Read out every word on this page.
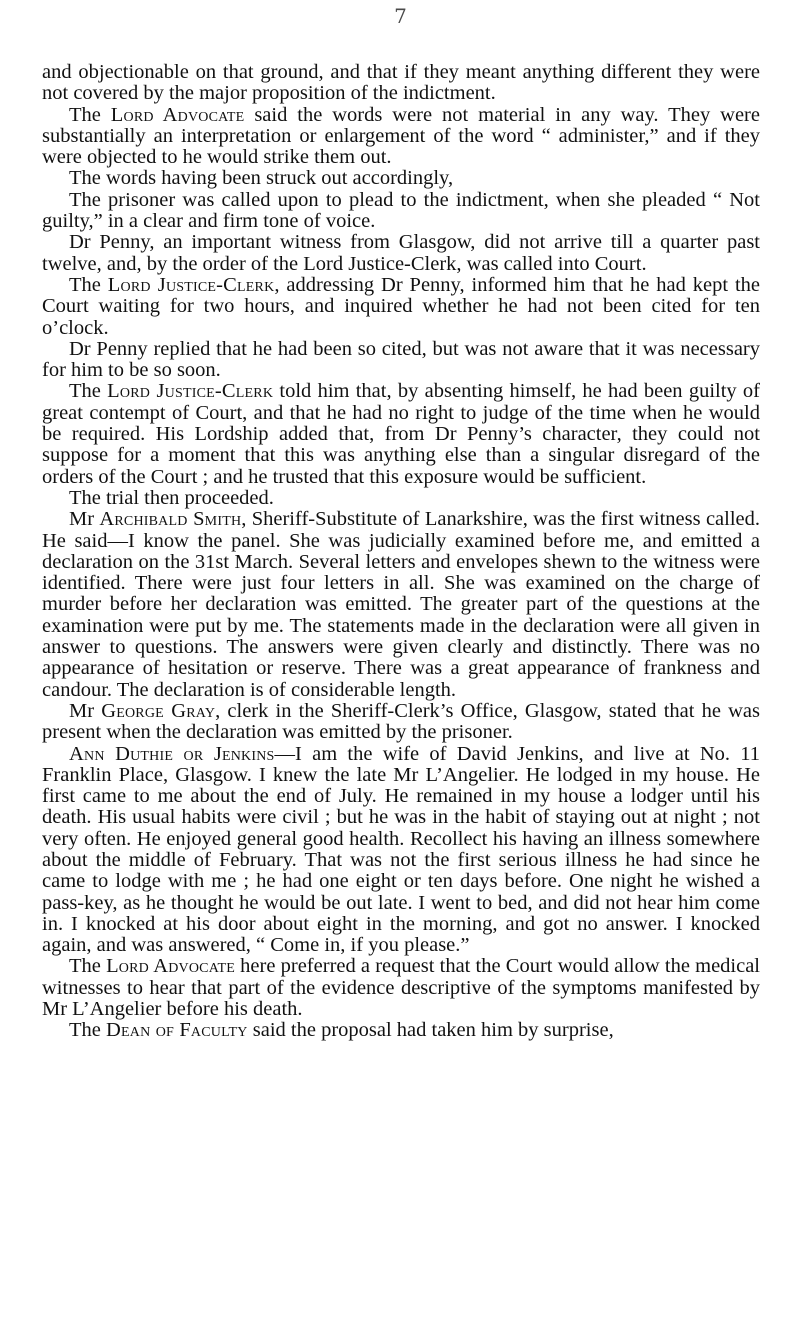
7

and objectionable on that ground, and that if they meant anything different they were not covered by the major proposition of the indictment.

The Lord Advocate said the words were not material in any way. They were substantially an interpretation or enlargement of the word “ administer,” and if they were objected to he would strike them out.

The words having been struck out accordingly,

The prisoner was called upon to plead to the indictment, when she pleaded “ Not guilty,” in a clear and firm tone of voice.

Dr Penny, an important witness from Glasgow, did not arrive till a quarter past twelve, and, by the order of the Lord Justice-Clerk, was called into Court.

The Lord Justice-Clerk, addressing Dr Penny, informed him that he had kept the Court waiting for two hours, and inquired whether he had not been cited for ten o’clock.

Dr Penny replied that he had been so cited, but was not aware that it was necessary for him to be so soon.

The Lord Justice-Clerk told him that, by absenting himself, he had been guilty of great contempt of Court, and that he had no right to judge of the time when he would be required. His Lordship added that, from Dr Penny’s character, they could not suppose for a moment that this was anything else than a singular disregard of the orders of the Court ; and he trusted that this exposure would be sufficient.

The trial then proceeded.

Mr Archibald Smith, Sheriff-Substitute of Lanarkshire, was the first witness called. He said—I know the panel. She was judicially examined before me, and emitted a declaration on the 31st March. Several letters and envelopes shewn to the witness were identified. There were just four letters in all. She was examined on the charge of murder before her declaration was emitted. The greater part of the questions at the examination were put by me. The statements made in the declaration were all given in answer to questions. The answers were given clearly and distinctly. There was no appearance of hesitation or reserve. There was a great appearance of frankness and candour. The declaration is of considerable length.

Mr George Gray, clerk in the Sheriff-Clerk’s Office, Glasgow, stated that he was present when the declaration was emitted by the prisoner.

Ann Duthie or Jenkins—I am the wife of David Jenkins, and live at No. 11 Franklin Place, Glasgow. I knew the late Mr L’Angelier. He lodged in my house. He first came to me about the end of July. He remained in my house a lodger until his death. His usual habits were civil ; but he was in the habit of staying out at night ; not very often. He enjoyed general good health. Recollect his having an illness somewhere about the middle of February. That was not the first serious illness he had since he came to lodge with me ; he had one eight or ten days before. One night he wished a pass-key, as he thought he would be out late. I went to bed, and did not hear him come in. I knocked at his door about eight in the morning, and got no answer. I knocked again, and was answered, “ Come in, if you please.”

The Lord Advocate here preferred a request that the Court would allow the medical witnesses to hear that part of the evidence descriptive of the symptoms manifested by Mr L’Angelier before his death.

The Dean of Faculty said the proposal had taken him by surprise,
